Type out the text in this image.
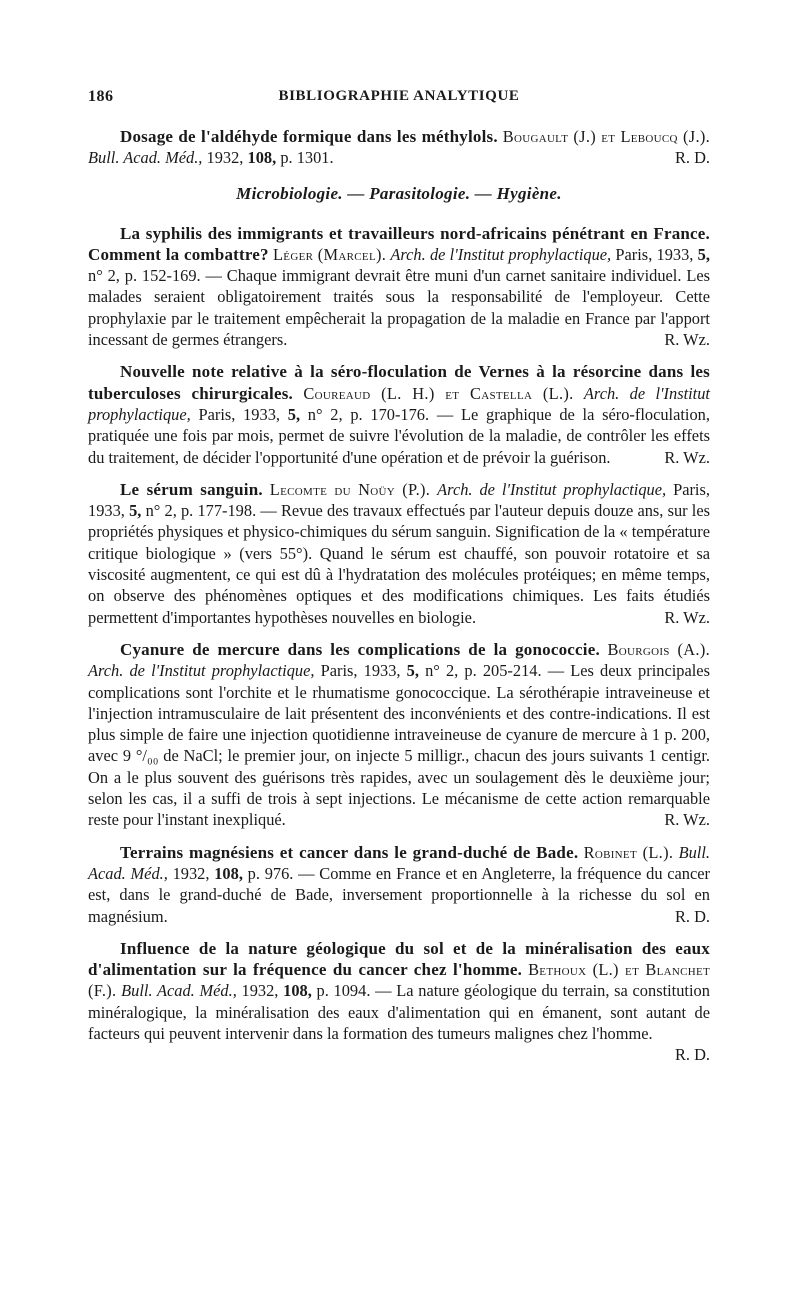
186	BIBLIOGRAPHIE ANALYTIQUE

Dosage de l'aldéhyde formique dans les méthylols. Bougault (J.) et Leboucq (J.). Bull. Acad. Méd., 1932, 108, p. 1301.	R. D.

Microbiologie. — Parasitologie. — Hygiène.

La syphilis des immigrants et travailleurs nord-africains pénétrant en France. Comment la combattre? Léger (Marcel). Arch. de l'Institut prophylactique, Paris, 1933, 5, n° 2, p. 152-169. — Chaque immigrant devrait être muni d'un carnet sanitaire individuel. Les malades seraient obligatoirement traités sous la responsabilité de l'employeur. Cette prophylaxie par le traitement empêcherait la propagation de la maladie en France par l'apport incessant de germes étrangers.	R. Wz.

Nouvelle note relative à la séro-floculation de Vernes à la résorcine dans les tuberculoses chirurgicales. Coureaud (L. H.) et Castella (L.). Arch. de l'Institut prophylactique, Paris, 1933, 5, n° 2, p. 170-176. — Le graphique de la séro-floculation, pratiquée une fois par mois, permet de suivre l'évolution de la maladie, de contrôler les effets du traitement, de décider l'opportunité d'une opération et de prévoir la guérison.	R. Wz.

Le sérum sanguin. Lecomte du Noüy (P.). Arch. de l'Institut prophylactique, Paris, 1933, 5, n° 2, p. 177-198. — Revue des travaux effectués par l'auteur depuis douze ans, sur les propriétés physiques et physico-chimiques du sérum sanguin. Signification de la « température critique biologique » (vers 55°). Quand le sérum est chauffé, son pouvoir rotatoire et sa viscosité augmentent, ce qui est dû à l'hydratation des molécules protéiques; en même temps, on observe des phénomènes optiques et des modifications chimiques. Les faits étudiés permettent d'importantes hypothèses nouvelles en biologie.	R. Wz.

Cyanure de mercure dans les complications de la gonococcie. Bourgois (A.). Arch. de l'Institut prophylactique, Paris, 1933, 5, n° 2, p. 205-214. — Les deux principales complications sont l'orchite et le rhumatisme gonococcique. La sérothérapie intraveineuse et l'injection intramusculaire de lait présentent des inconvénients et des contre-indications. Il est plus simple de faire une injection quotidienne intraveineuse de cyanure de mercure à 1 p. 200, avec 9 °/₀₀ de NaCl; le premier jour, on injecte 5 milligr., chacun des jours suivants 1 centigr. On a le plus souvent des guérisons très rapides, avec un soulagement dès le deuxième jour; selon les cas, il a suffi de trois à sept injections. Le mécanisme de cette action remarquable reste pour l'instant inexpliqué.	R. Wz.

Terrains magnésiens et cancer dans le grand-duché de Bade. Robinet (L.). Bull. Acad. Méd., 1932, 108, p. 976. — Comme en France et en Angleterre, la fréquence du cancer est, dans le grand-duché de Bade, inversement proportionnelle à la richesse du sol en magnésium.	R. D.

Influence de la nature géologique du sol et de la minéralisation des eaux d'alimentation sur la fréquence du cancer chez l'homme. Bethoux (L.) et Blanchet (F.). Bull. Acad. Méd., 1932, 108, p. 1094. — La nature géologique du terrain, sa constitution minéralogique, la minéralisation des eaux d'alimentation qui en émanent, sont autant de facteurs qui peuvent intervenir dans la formation des tumeurs malignes chez l'homme.
R. D.
